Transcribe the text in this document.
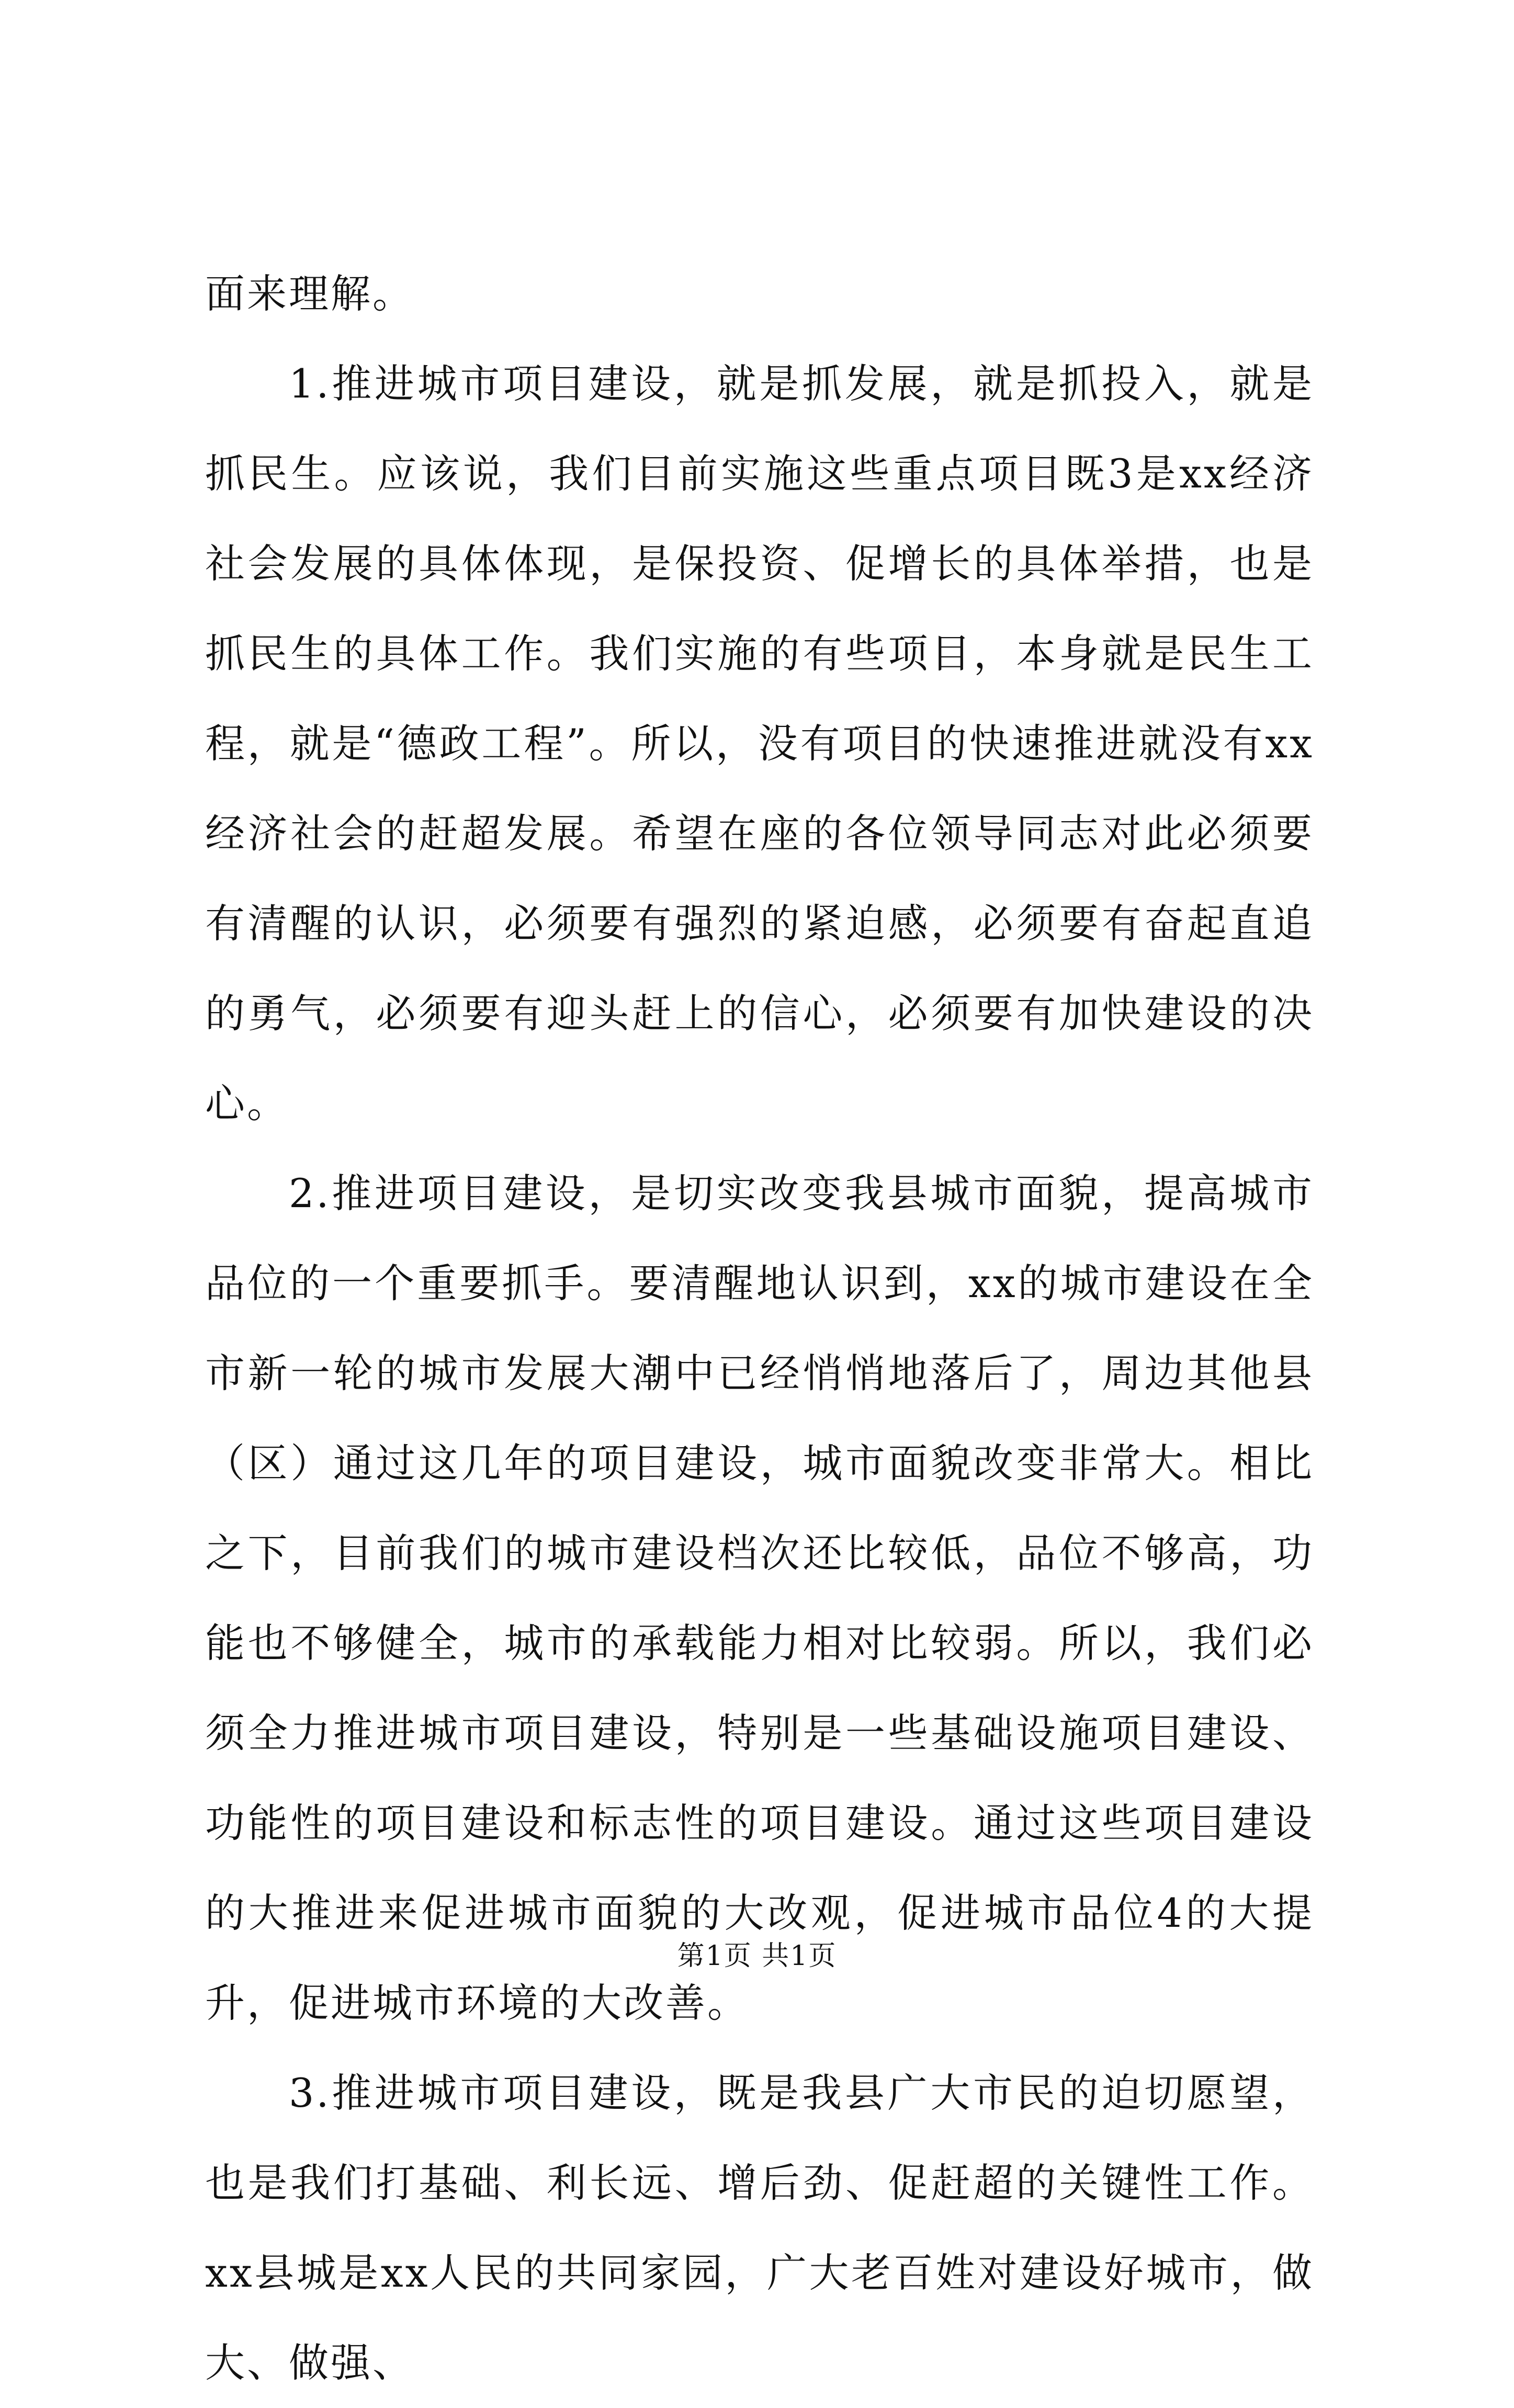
面来理解。

1.推进城市项目建设，就是抓发展，就是抓投入，就是抓民生。应该说，我们目前实施这些重点项目既3是xx经济社会发展的具体体现，是保投资、促增长的具体举措，也是抓民生的具体工作。我们实施的有些项目，本身就是民生工程，就是“德政工程”。所以，没有项目的快速推进就没有xx经济社会的赶超发展。希望在座的各位领导同志对此必须要有清醒的认识，必须要有强烈的紧迫感，必须要有奋起直追的勇气，必须要有迎头赶上的信心，必须要有加快建设的决心。

2.推进项目建设，是切实改变我县城市面貌，提高城市品位的一个重要抓手。要清醒地认识到，xx的城市建设在全市新一轮的城市发展大潮中已经悄悄地落后了，周边其他县（区）通过这几年的项目建设，城市面貌改变非常大。相比之下，目前我们的城市建设档次还比较低，品位不够高，功能也不够健全，城市的承载能力相对比较弱。所以，我们必须全力推进城市项目建设，特别是一些基础设施项目建设、功能性的项目建设和标志性的项目建设。通过这些项目建设的大推进来促进城市面貌的大改观，促进城市品位4的大提升，促进城市环境的大改善。

3.推进城市项目建设，既是我县广大市民的迫切愿望，也是我们打基础、利长远、增后劲、促赶超的关键性工作。xx县城是xx人民的共同家园，广大老百姓对建设好城市，做大、做强、

第1页 共1页
